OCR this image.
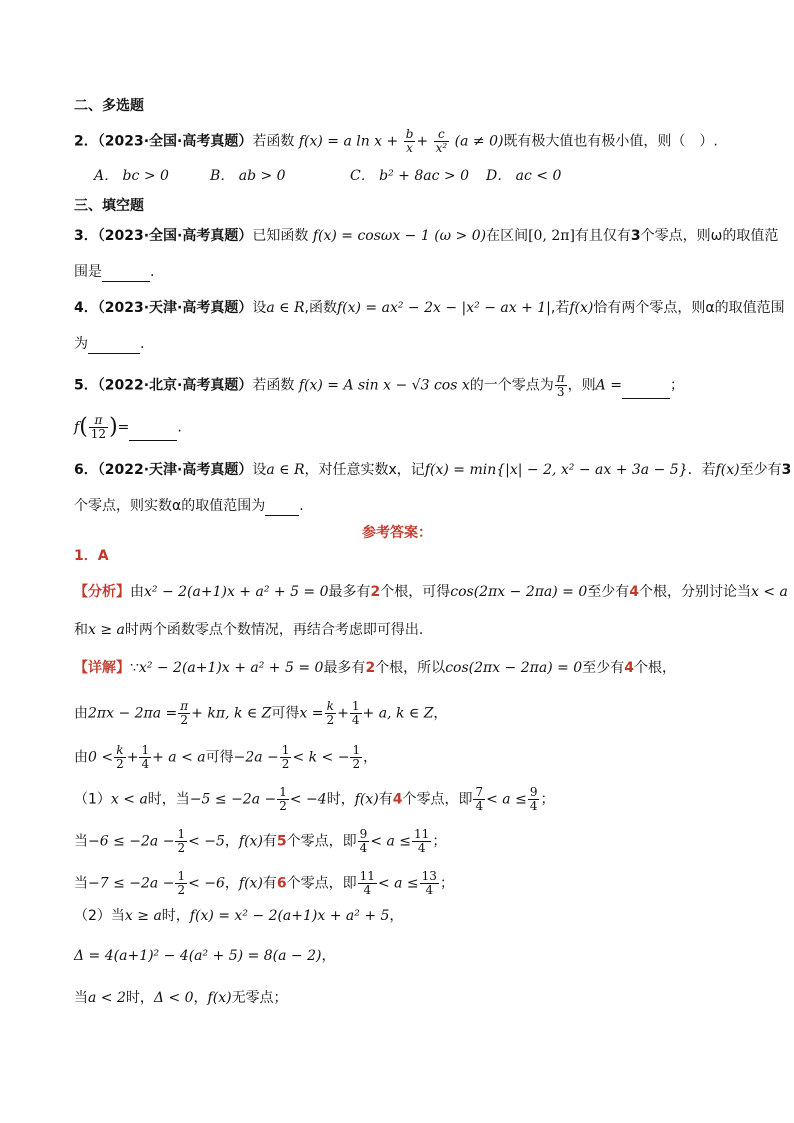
二、多选题
2．（2023·全国·高考真题）若函数 f(x) = a $\ln x + \frac{b}{x} + \frac{c}{\text{x²}} (a \ne 0)$既有极大值也有极小值，则（　）.
A． bc > 0	B． ab > 0	C． b² + 8ac > 0	D． ac < 0
三、填空题
3．（2023·全国·高考真题）已知函数 f(x) = cosωx − 1 (ω > 0)在区间[0, 2π]有且仅有3个零点，则ω的取值范
围是	.
4．（2023·天津·高考真题）设a ∈ R,函数f(x) = ax² − 2x − |x² − ax + 1|,若f(x)恰有两个零点，则α的取值范围
为	.
5．（2022·北京·高考真题）若函数 f(x) = A sin x − √3 cos x的一个零点为 $\frac{\pi}{3}$ ，则A =	；
$f( \frac{\pi}{12}$ )=	.
6．（2022·天津·高考真题）设a ∈ R，对任意实数x，记f(x) = min{|x| − 2, x² − ax + 3a − 5}．若f(x)至少有3
个零点，则实数α的取值范围为 .
参考答案：
1．A
【分析】由x² − 2(a+1)x + a² + 5 = 0最多有2个根，可得cos(2πx − 2πa) = 0至少有4个根，分别讨论当x < a
和x ≥ a时两个函数零点个数情况，再结合考虑即可得出.
【详解】∵x² − 2(a+1)x + a² + 5 = 0最多有2个根，所以cos(2πx − 2πa) = 0至少有4个根，
由$2\pi x - 2\pi a = \frac{\pi}{2} + k\pi$, k ∈ Z可得$x = \frac{k}{2} + \frac{1}{4} + a$, k ∈ Z，
由$0 < \frac{k}{2} + \frac{1}{4} + a < a$可得$-2a - \frac{1}{2} < k$ < − $\frac{1}{2}$ ，
（1）x < a时，当$-5 \le -2a - \frac{1}{2} < -4$时，f(x)有4个零点，即 $\frac{7}{4} < a \le \frac{9}{4}$ ；
当$-6 \le -2a - \frac{1}{2} < -5$，f(x)有5个零点，即 $\frac{9}{4} < a \le \frac{11}{4}$ ；
当$-7 \le -2a - \frac{1}{2} < -6$，f(x)有6个零点，即 $\frac{11}{4} < a \le \frac{13}{4}$ ；
（2）当x ≥ a时，f(x) = x² − 2(a+1)x + a² + 5，
Δ = 4(a+1)² − 4(a² + 5) = 8(a − 2)，
当a < 2时，Δ < 0，f(x)无零点；
